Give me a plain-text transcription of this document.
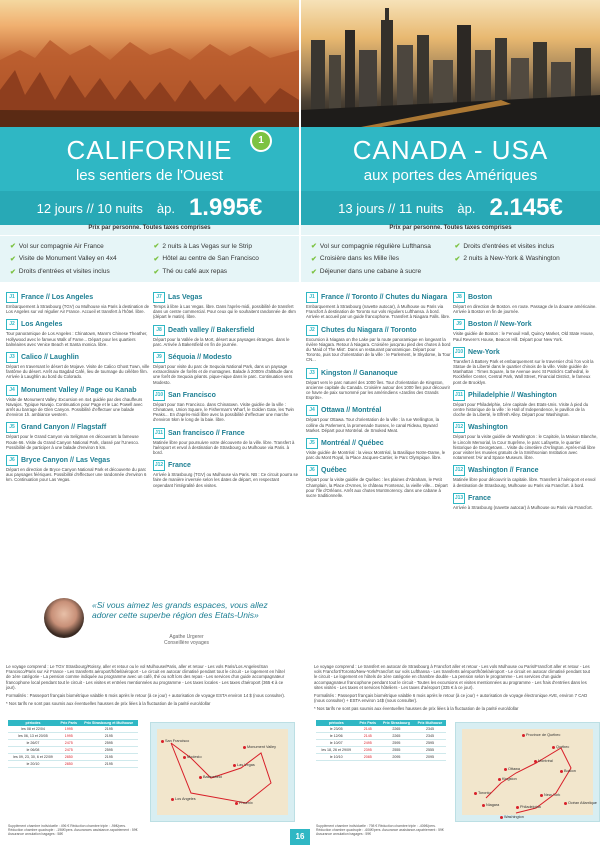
CALIFORNIE
les sentiers de l'Ouest
1	CANADA - USA
aux portes des Amériques
12 jours // 10 nuits àp. 1.995€	13 jours // 11 nuits àp. 2.145€
Prix par personne. Toutes taxes comprises	Prix par personne. Toutes taxes comprises
✔ Vol sur compagnie Air France	✔ 2 nuits à Las Vegas sur le Strip
✔ Visite de Monument Valley en 4x4	✔ Hôtel au centre de San Francisco
✔ Droits d'entrées et visites inclus	✔ Thé ou café aux repas
✔ Vol sur compagnie régulière Lufthansa	✔ Droits d'entrées et visites inclus
✔ Croisière dans les Mille îles	✔ 2 nuits à New-York & Washington
✔ Déjeuner dans une cabane à sucre
J1 France // Los Angeles
Embarquement à Strasbourg (TGV) ou Mulhouse via Paris à destination de Los Angeles sur vol régulier Air France. Accueil et transfert à l'hôtel. libre.
J2 Los Angeles
Tour panoramique de Los Angeles : Chinatown, Mann's Chinese Theather, Hollywood avec le fameux Walk of Fame... Départ pour les quartiers balnéaires avec Venice Beach et Santa monica. libre.
J3 Calico // Laughlin
Départ en traversant le désert de Mojave. Visite de Calico Ghost Town, ville fantôme du désert. Arrêt au Bagdad Café, lieu de tournage du célèbre film. Arrivée à Laughlin au bord du Colorado.
J4 Monument Valley // Page ou Kanab
Visite de Monument Valley. Excursion en 4x4 guidée par des chauffeurs Navajos. Typique Navajo. Continuation pour Page et le Lac Powell avec arrêt au barrage de Glen Canyon. Possibilité d'effectuer une balade d'environ 1h. ambiance western.
J5 Grand Canyon // Flagstaff
Départ pour le Grand Canyon via Seligman en découvrant la fameuse Route 66. Visite du Grand Canyon National Park, classé par l'Unesco. Possibilité de participer à une balade d'environ 5 km.
J6 Bryce Canyon // Las Vegas
Départ en direction de Bryce Canyon National Park et découverte du parc aux paysages féériques. Possibilité d'effectuer une randonnée d'environ 6 km. Continuation pour Las Vegas.
J7 Las Vegas
Temps à libre à Las Vegas. libre. Dans l'après-midi, possibilité de transfert dans un centre commercial. Pour ceux qui le souhaitent randonnée de 4km (départ le matin). libre.
J8 Death valley // Bakersfield
Départ pour la Vallée de la Mort, désert aux paysages étranges. dans le parc. Arrivée à Bakersfield en fin de journée.
J9 Séquoia // Modesto
Départ pour visite du parc de Sequoia National Park, dans un paysage extraordinaire de forêts et de montagnes. Balade à 2000m d'altitude dans une forêt de Sequoia géants. pique-nique dans le parc. Continuation vers Modesto.
J10 San Francisco
Départ pour San Francisco. dans Chinatown. Visite guidée de la ville : Chinatown, Union Square, le Fisherman's Wharf, le Golden Gate, les Twin Peaks... En d'après-midi libre avec la possibilité d'effectuer une marche d'environ 5km le long de la baie. libre.
J11 San francisco // France
Matinée libre pour poursuivre votre découverte de la ville. libre. Transfert à l'aéroport et envol à destination de Strasbourg ou Mulhouse via Paris. à bord.
J12 France
Arrivée à Strasbourg (TGV) ou Mulhouse via Paris. NB : Ce circuit pourra se faire de manière inversée selon les dates de départ, en respectant cependant l'intégralité des visites.
J1 France // Toronto // Chutes du Niagara
Embarquement à Strasbourg (navette autocar), à Mulhouse ou Paris via Francfort à destination de Toronto sur vols réguliers Lufthansa. à bord. Arrivée et accueil par un guide francophone. Transfert à Niagara Falls. libre.
J2 Chutes du Niagara // Toronto
Excursion à Niagara on the Lake par la route panoramique en longeant la rivière Niagara. Retour à Niagara. Croisière jusqu'au pied des chutes à bord du 'Maid of The Mist'. Dans un restaurant panoramique. Départ pour Toronto, puis tour d'orientation de la ville : le Parlement, le Skydome, la Tour CN...
J3 Kingston // Gananoque
Départ vers le parc naturel des 1000 îles. Tour d'orientation de Kingston, ancienne capitale du Canada. Croisière autour des 1000 îles pour découvrir ce havre de paix surnommé par les amérindiens «Jardins des Grands Esprits».
J4 Ottawa // Montréal
Départ pour Ottawa. Tour d'orientation de la ville : la rue Wellington, la colline du Parlement, la promenade Sussex, le canal Rideau, Byward Market. Départ pour Montréal. de Smoked Meat.
J5 Montréal // Québec
Visite guidée de Montréal : la vieux Montréal, la Basilique Notre-Dame, le parc du Mont Royal, la Place Jacques-Cartier, le Parc Olympique. libre.
J6 Québec
Départ pour la visite guidée de Québec : les plaines d'Abraham, le Petit Champlain, la Place d'Armes, le château Frontenac, la vieille ville... Départ pour l'île d'Orléans. Arrêt aux chutes Montmorency. dans une cabane à sucre traditionnelle.
J8 Boston
Départ en direction de Boston. en route. Passage de la douane américaine. Arrivée à Boston en fin de journée.
J9 Boston // New-York
Visite guidée de Boston : le Fenouil Hall, Quincy Market, Old State House, Paul Revere's House, Beacon Hill. Départ pour New York.
J10 New-York
Transfert à Battery Park et embarquement sur le traversier d'où l'on voit la Statue de la Liberté dans le quartier chinois de la ville. Visite guidée de Manhattan : Times Square, la 5e Avenue avec St Patrick's Cathedral, le Rockfeller Center, Central Park, Wall Street, Financial District, le fameux pont de Brooklyn.
J11 Philadelphie // Washington
Départ pour Philadelphie, 1ère capitale des Etats-Unis. Visite à pied du centre historique de la ville : le Hall of Independence, le pavillon de la cloche de la Liberté, le Elfreth Alley. Départ pour Washington.
J12 Washington
Départ pour la visite guidée de Washington : le Capitole, la Maison Blanche, le Lincoln Memorial, la Cour Suprême, le parc Lafayette, le quartier historique de Georgetown... Visite du cimetière d'Arlington. Après-midi libre pour visiter les musées gratuits de la Smithsonian Institution avec notamment l'Air and Space Museum. libre.
J12 Washington // France
Matinée libre pour découvrir la capitale. libre. Transfert à l'aéroport et envol à destination de Strasbourg, Mulhouse ou Paris via Francfort. à bord.
J13 France
Arrivée à Strasbourg (navette autocar) à Mulhouse ou Paris via Francfort.
«Si vous aimez les grands espaces, vous allez adorer cette superbe région des Etats-Unis»
Agathe Urgerer
Conseillère voyages

Le voyage comprend : Le TGV Strasbourg/Roissy, aller et retour ou le vol Mulhouse/Paris, aller et retour - Les vols Paris/Los Angeles/San Francisco/Paris sur Air France - Les transferts aéroport/hôtel/aéroport - Le circuit en autocar climatisé pendant tout le circuit - Le logement en hôtel de 1ère catégorie - La pension comme indiquée au programme avec un café, thé ou soft lors des repas - Les services d'un guide accompagnateur francophone local pendant tout le circuit - Les visites et entrées mentionnées au programme - Les taxes locales - Les taxes d'aéroport (365 € à ce jour).

Formalités : Passeport français biométrique valable 6 mois après le retour (à ce jour) + autorisation de voyage ESTA environ 14 $ (nous consulter).

* Nos tarifs ne sont pas soumis aux éventuelles hausses de prix liées à la fluctuation de la parité euro/dollar

Le voyage comprend : Le transfert en autocar de Strasbourg à Francfort aller et retour - Les vols Mulhouse ou Paris/Francfort aller et retour - Les vols Francfort/Toronto/New-York/Francfort sur vols Lufthansa - Les transferts aéroport/hôtel/aéroport - Le circuit en autocar climatisé pendant tout le circuit - Le logement en hôtels de 1ère catégorie en chambre double - La pension selon le programme - Les services d'un guide accompagnateur francophone pendant tout le circuit - Toutes les excursions et visites mentionnées au programme - Les frais d'entrées dans les sites visités - Les taxes et services hôteliers - Les taxes d'aéroport (335 € à ce jour).

Formalités : Passeport français biométrique valable 6 mois après le retour (à ce jour) + autorisation de voyage électronique AVE, environ 7 CAD (nous consulter) + ESTA environ 14$ (nous consulter).

* Nos tarifs ne sont pas soumis aux éventuelles hausses de prix liées à la fluctuation de la parité euro/dollar

périodes	Prix Paris	Prix Strasbourg et Mulhouse
les 08 et 22/04	1995	2195
les 06, 13 et 20/05	1995	2195
le 26/07	2475	2595
le 06/08	2475	2595
les 09, 23, 30, 6 et 22/09	2850	2195
le 20/10	2850	2195
périodes	Prix Paris	Prix Strasbourg	Prix Mulhouse
le 23/05	2145	2265	2345
le 12/06	2145	2265	2345
le 10/07	2495	2595	2595
les 18, 26 et 29/09	2395	2555	2555
le 10/10	2085	2095	2095
San Francisco
Modesto
Bakersfield
Las Vegas
Los Angeles
Monument Valley
Phoenix
Province de Québec
Québec
Montréal
Ottawa
Kingston
Toronto
Niagara
Boston
New-York
Philadelphia
Washington
Océan Atlantique
Supplément chambre individuelle : 496 € Réduction chambre triple : -96€/pers. Réduction chambre quadruple : -196€/pers. Assurances assistance-rapatriement : 59€ Assurance annulation bagages : 58€
Supplément chambre individuelle : 798 € Réduction chambre triple : -406€/pers. Réduction chambre quadruple : -606€/pers. Assurance assistance-rapatriement : 59€ Assurance annulation bagages : 59€
16
